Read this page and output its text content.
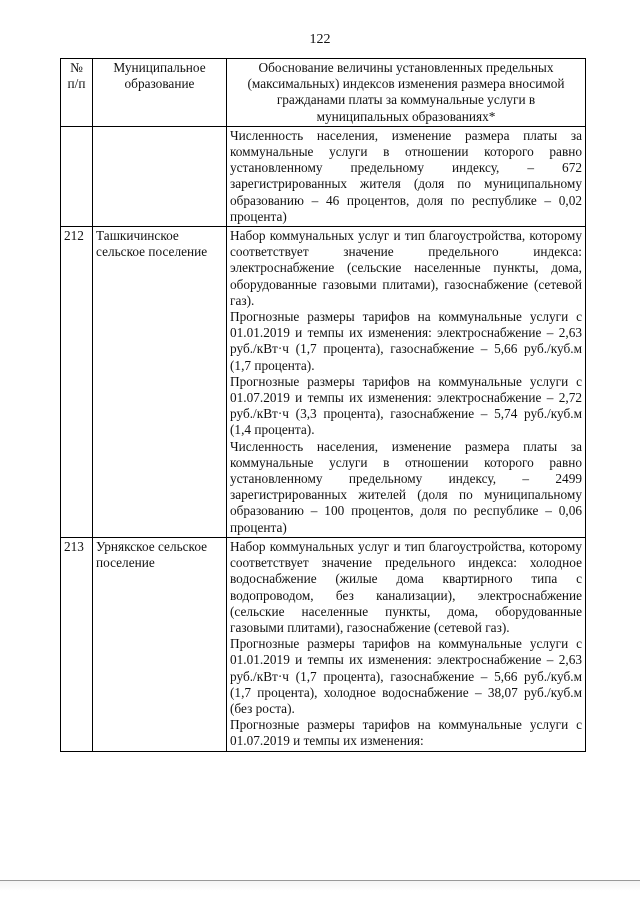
122
№ п/п	Муниципальное образование	Обоснование величины установленных предельных (максимальных) индексов изменения размера вносимой гражданами платы за коммунальные услуги в муниципальных образованиях*

		Численность населения, изменение размера платы за коммунальные услуги в отношении которого равно установленному предельному индексу, – 672 зарегистрированных жителя (доля по муниципальному образованию – 46 процентов, доля по республике – 0,02 процента)

212	Ташкичинское сельское поселение	Набор коммунальных услуг и тип благоустройства, которому соответствует значение предельного индекса: электроснабжение (сельские населенные пункты, дома, оборудованные газовыми плитами), газоснабжение (сетевой газ).

Прогнозные размеры тарифов на коммунальные услуги с 01.01.2019 и темпы их изменения: электроснабжение – 2,63 руб./кВт·ч (1,7 процента), газоснабжение – 5,66 руб./куб.м (1,7 процента).

Прогнозные размеры тарифов на коммунальные услуги с 01.07.2019 и темпы их изменения: электроснабжение – 2,72 руб./кВт·ч (3,3 процента), газоснабжение – 5,74 руб./куб.м (1,4 процента).

Численность населения, изменение размера платы за коммунальные услуги в отношении которого равно установленному предельному индексу, – 2499 зарегистрированных жителей (доля по муниципальному образованию – 100 процентов, доля по республике – 0,06 процента)

213	Урнякское сельское поселение	Набор коммунальных услуг и тип благоустройства, которому соответствует значение предельного индекса: холодное водоснабжение (жилые дома квартирного типа с водопроводом, без канализации), электроснабжение (сельские населенные пункты, дома, оборудованные газовыми плитами), газоснабжение (сетевой газ).

Прогнозные размеры тарифов на коммунальные услуги с 01.01.2019 и темпы их изменения: электроснабжение – 2,63 руб./кВт·ч (1,7 процента), газоснабжение – 5,66 руб./куб.м (1,7 процента), холодное водоснабжение – 38,07 руб./куб.м (без роста).

Прогнозные размеры тарифов на коммунальные услуги с 01.07.2019 и темпы их изменения:
